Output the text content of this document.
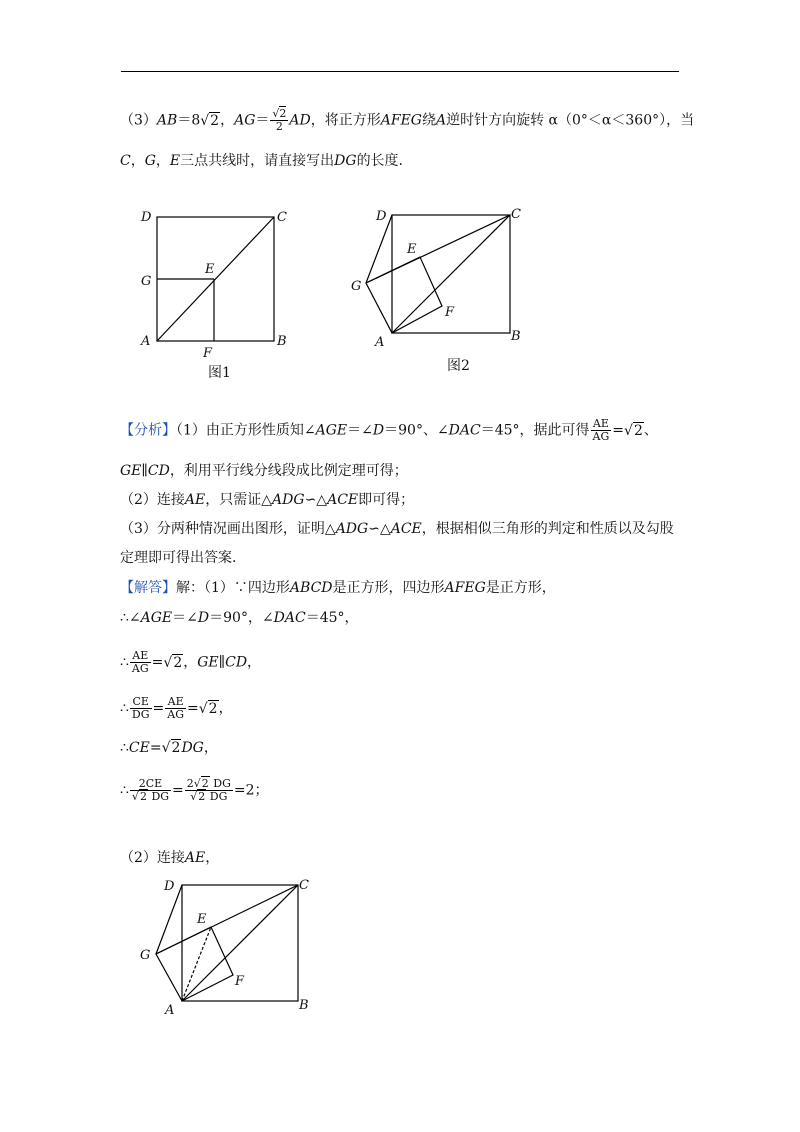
（3）AB＝8√2，$AG= \frac{√2}{2}$ AD，将正方形AFEG绕A逆时针方向旋转 α（0°＜α＜360°），当
C，G，E三点共线时，请直接写出DG的长度.
D	C
G
E
A	B
F
图1
D	C
E
G
F
A	B
图2
【分析】（1）由正方形性质知∠AGE＝∠D＝90°、∠DAC＝45°，据此可得 $\frac{AE}{AG} =√2$、
GE∥CD，利用平行线分线段成比例定理可得；
（2）连接AE，只需证△ADG∽△ACE即可得；
（3）分两种情况画出图形，证明△ADG∽△ACE，根据相似三角形的判定和性质以及勾股
定理即可得出答案.
【解答】解：（1）∵四边形ABCD是正方形，四边形AFEG是正方形，
∴∠AGE＝∠D＝90°，∠DAC＝45°，
∴ $\frac{AE}{AG} =√2$，GE∥CD，
∴ $\frac{CE}{DG} = \frac{AE}{AG} =√2$，
∴CE=√2DG，
∴ $\frac{2CE}{√2 DG} = \frac{2√2 DG}{√2 DG} =2$；
（2）连接AE，
D	C
E
G
F
A	B
